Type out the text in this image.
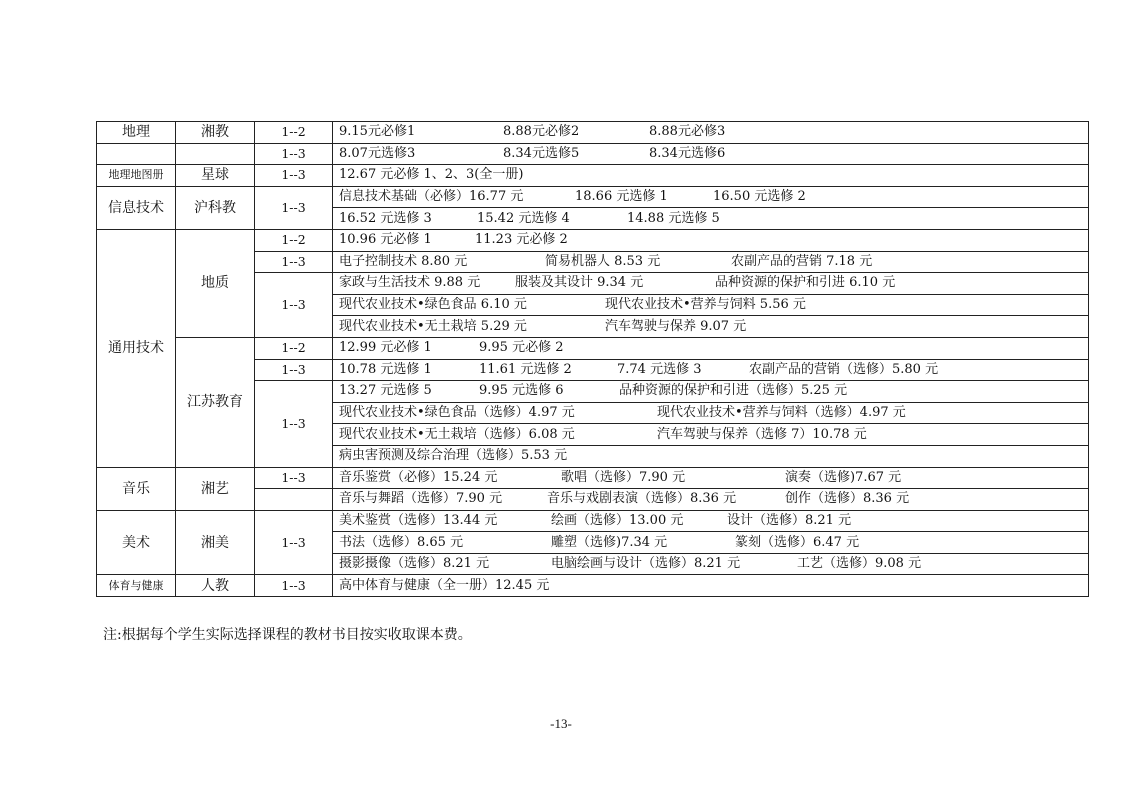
地理	湘教	1--2	9.15元必修1 8.88元必修2 8.88元必修3
		1--3	8.07元选修3 8.34元选修5 8.34元选修6
地理地图册	星球	1--3	12.67 元必修 1、2、3(全一册)
信息技术	沪科教	1--3	信息技术基础（必修）16.77 元 18.66 元选修 1 16.50 元选修 2
			16.52 元选修 3 15.42 元选修 4 14.88 元选修 5
通用技术	地质	1--2	10.96 元必修 1 11.23 元必修 2
		1--3	电子控制技术 8.80 元 简易机器人 8.53 元 农副产品的营销 7.18 元
		1--3	家政与生活技术 9.88 元 服装及其设计 9.34 元 品种资源的保护和引进 6.10 元
			现代农业技术•绿色食品 6.10 元 现代农业技术•营养与饲料 5.56 元
			现代农业技术•无土栽培 5.29 元 汽车驾驶与保养 9.07 元
	江苏教育	1--2	12.99 元必修 1 9.95 元必修 2
		1--3	10.78 元选修 1 11.61 元选修 2 7.74 元选修 3 农副产品的营销（选修）5.80 元
		1--3	13.27 元选修 5 9.95 元选修 6 品种资源的保护和引进（选修）5.25 元
			现代农业技术•绿色食品（选修）4.97 元 现代农业技术•营养与饲料（选修）4.97 元
			现代农业技术•无土栽培（选修）6.08 元 汽车驾驶与保养（选修 7）10.78 元
			病虫害预测及综合治理（选修）5.53 元
音乐	湘艺	1--3	音乐鉴赏（必修）15.24 元 歌唱（选修）7.90 元 演奏（选修)7.67 元
			音乐与舞蹈（选修）7.90 元 音乐与戏剧表演（选修）8.36 元 创作（选修）8.36 元
美术	湘美	1--3	美术鉴赏（选修）13.44 元 绘画（选修）13.00 元 设计（选修）8.21 元
			书法（选修）8.65 元 雕塑（选修)7.34 元 篆刻（选修）6.47 元
			摄影摄像（选修）8.21 元 电脑绘画与设计（选修）8.21 元 工艺（选修）9.08 元
体育与健康	人教	1--3	高中体育与健康（全一册）12.45 元
注:根据每个学生实际选择课程的教材书目按实收取课本费。
-13-
